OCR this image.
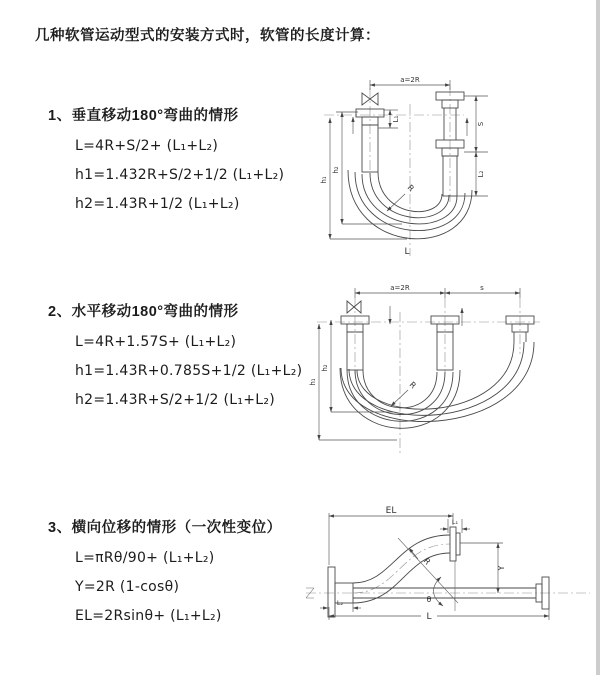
几种软管运动型式的安装方式时，软管的长度计算：
1、垂直移动180°弯曲的情形
L=4R+S/2+ (L₁+L₂)
h1=1.432R+S/2+1/2 (L₁+L₂)
h2=1.43R+1/2 (L₁+L₂)
2、水平移动180°弯曲的情形
L=4R+1.57S+ (L₁+L₂)
h1=1.43R+0.785S+1/2 (L₁+L₂)
h2=1.43R+S/2+1/2 (L₁+L₂)
3、横向位移的情形（一次性变位）
L=πRθ/90+ (L₁+L₂)
Y=2R (1-cosθ)
EL=2Rsinθ+ (L₁+L₂)
a=2R
h₁
h₂
L₁
S
L₂
R
L
a=2R	s
h₁
h₂
R
EL
L₁
Y
R
θ
L
L₂
